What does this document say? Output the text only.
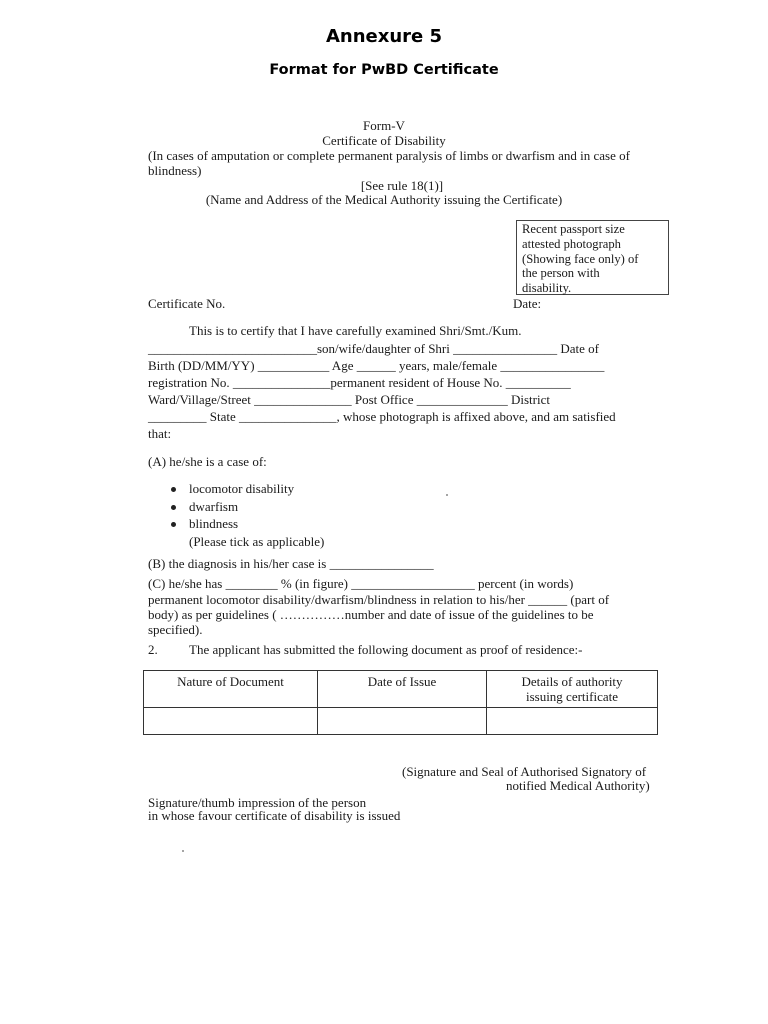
Annexure 5
Format for PwBD Certificate
Form-V
Certificate of Disability
(In cases of amputation or complete permanent paralysis of limbs or dwarfism and in case of
blindness)
[See rule 18(1)]
(Name and Address of the Medical Authority issuing the Certificate)
Recent passport size
attested photograph
(Showing face only) of
the person with
disability.
Certificate No.	Date:
This is to certify that I have carefully examined Shri/Smt./Kum.
__________________________son/wife/daughter of Shri ________________ Date of
Birth (DD/MM/YY) ___________ Age ______ years, male/female ________________
registration No. _______________permanent resident of House No. __________
Ward/Village/Street _______________ Post Office ______________ District
_________ State _______________, whose photograph is affixed above, and am satisfied
that:
(A) he/she is a case of:
locomotor disability
dwarfism
blindness
(Please tick as applicable)
(B) the diagnosis in his/her case is ________________
(C) he/she has ________ % (in figure) ___________________ percent (in words)
permanent locomotor disability/dwarfism/blindness in relation to his/her ______ (part of
body) as per guidelines ( ……………number and date of issue of the guidelines to be
specified).
2. The applicant has submitted the following document as proof of residence:-
Nature of Document	Date of Issue	Details of authority
issuing certificate

(Signature and Seal of Authorised Signatory of
notified Medical Authority)
Signature/thumb impression of the person
in whose favour certificate of disability is issued
